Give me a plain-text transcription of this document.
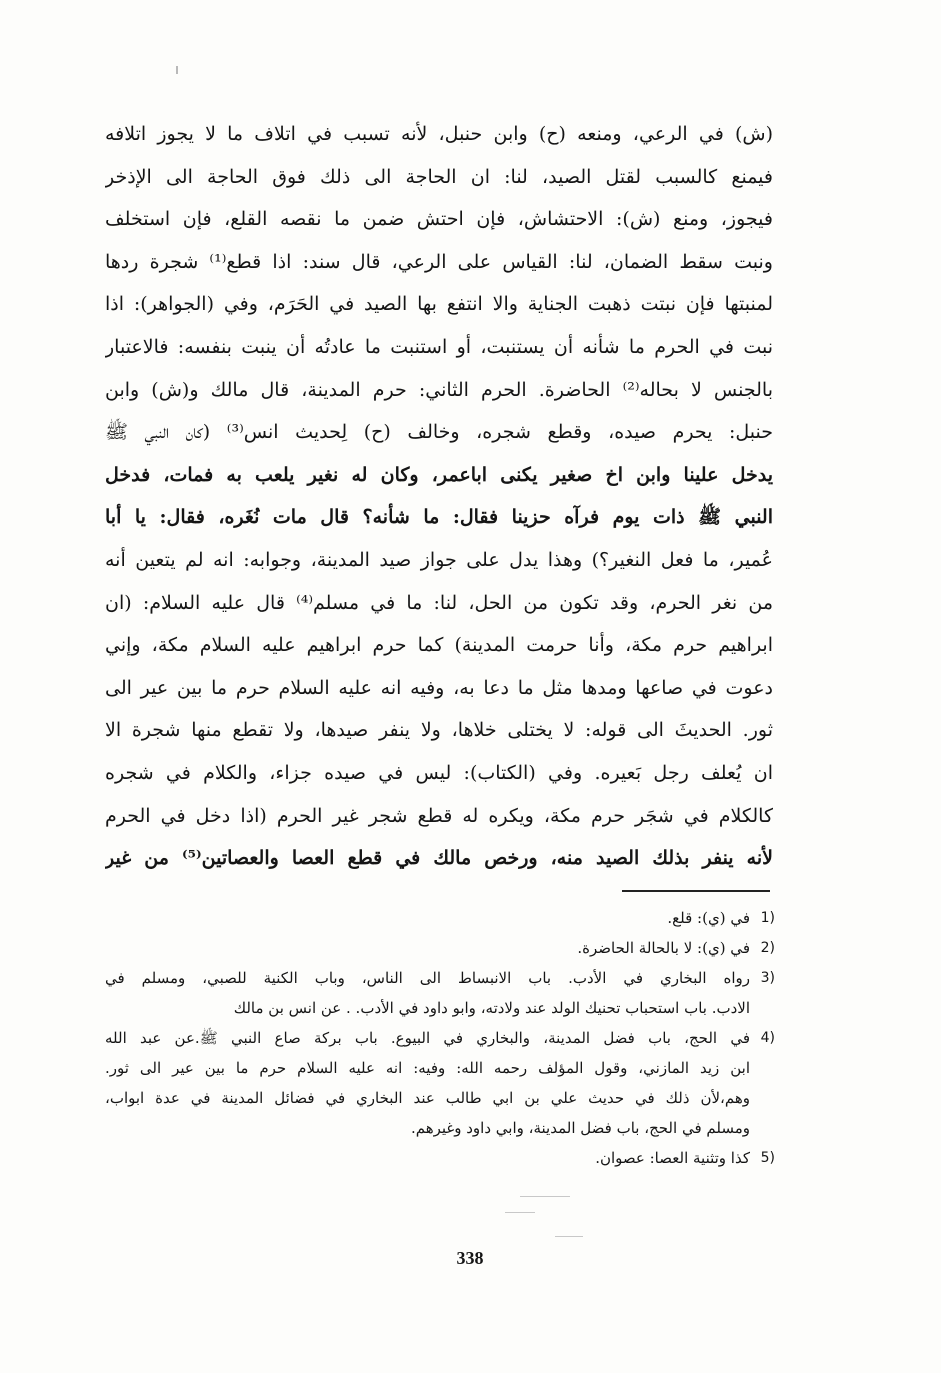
(ش) في الرعي، ومنعه (ح) وابن حنبل، لأنه تسبب في اتلاف ما لا يجوز اتلافه
فيمنع كالسبب لقتل الصيد، لنا: ان الحاجة الى ذلك فوق الحاجة الى الإذخر
فيجوز، ومنع (ش): الاحتشاش، فإن احتش ضمن ما نقصه القلع، فإن استخلف
ونبت سقط الضمان، لنا: القياس على الرعي، قال سند: اذا قطع⁽¹⁾ شجرة ردها
لمنبتها فإن نبتت ذهبت الجناية والا انتفع بها الصيد في الحَرَم، وفي (الجواهر): اذا
نبت في الحرم ما شأنه أن يستنبت، أو استنبت ما عادتُه أن ينبت بنفسه: فالاعتبار
بالجنس لا بحاله⁽²⁾ الحاضرة. الحرم الثاني: حرم المدينة، قال مالك و(ش) وابن
حنبل: يحرم صيده، وقطع شجره، وخالف (ح) لِحديث انس⁽³⁾ (كان النبي ﷺ
يدخل علينا وابن اخ صغير يكنى اباعمر، وكان له نغير يلعب به فمات، فدخل
النبي ﷺ ذات يوم فرآه حزينا فقال: ما شأنه؟ قال مات نُغَره، فقال: يا أبا
عُمير، ما فعل النغير؟) وهذا يدل على جواز صيد المدينة، وجوابه: انه لم يتعين أنه
من نغر الحرم، وقد تكون من الحل، لنا: ما في مسلم⁽⁴⁾ قال عليه السلام: (ان
ابراهيم حرم مكة، وأنا حرمت المدينة) كما حرم ابراهيم عليه السلام مكة، وإني
دعوت في صاعها ومدها مثل ما دعا به، وفيه انه عليه السلام حرم ما بين عير الى
ثور. الحديثَ الى قوله: لا يختلى خلاها، ولا ينفر صيدها، ولا تقطع منها شجرة الا
ان يُعلف رجل بَعيره. وفي (الكتاب): ليس في صيده جزاء، والكلام في شجره
كالكلام في شجَر حرم مكة، ويكره له قطع شجر غير الحرم (اذا دخل في الحرم
لأنه ينفر بذلك الصيد منه، ورخص مالك في قطع العصا والعصاتين⁽⁵⁾ من غير
(1
في (ي): قلع.
(2
في (ي): لا بالحالة الحاضرة.
(3
رواه البخاري في الأدب. باب الانبساط الى الناس، وباب الكنية للصبي، ومسلم في
الادب. باب استحباب تحنيك الولد عند ولادته، وابو داود في الأدب. . عن انس بن مالك
(4
في الحج، باب فضل المدينة، والبخاري في البيوع. باب بركة صاع النبي ﷺ.عن عبد الله
ابن زيد المازني، وقول المؤلف رحمه الله: وفيه: انه عليه السلام حرم ما بين عير الى ثور.
وهم،لأن ذلك في حديث علي بن ابي طالب عند البخاري في فضائل المدينة في عدة ابواب،
ومسلم في الحج، باب فضل المدينة، وابي داود وغيرهم.
(5
كذا وتثنية العصا: عصوان.
338
